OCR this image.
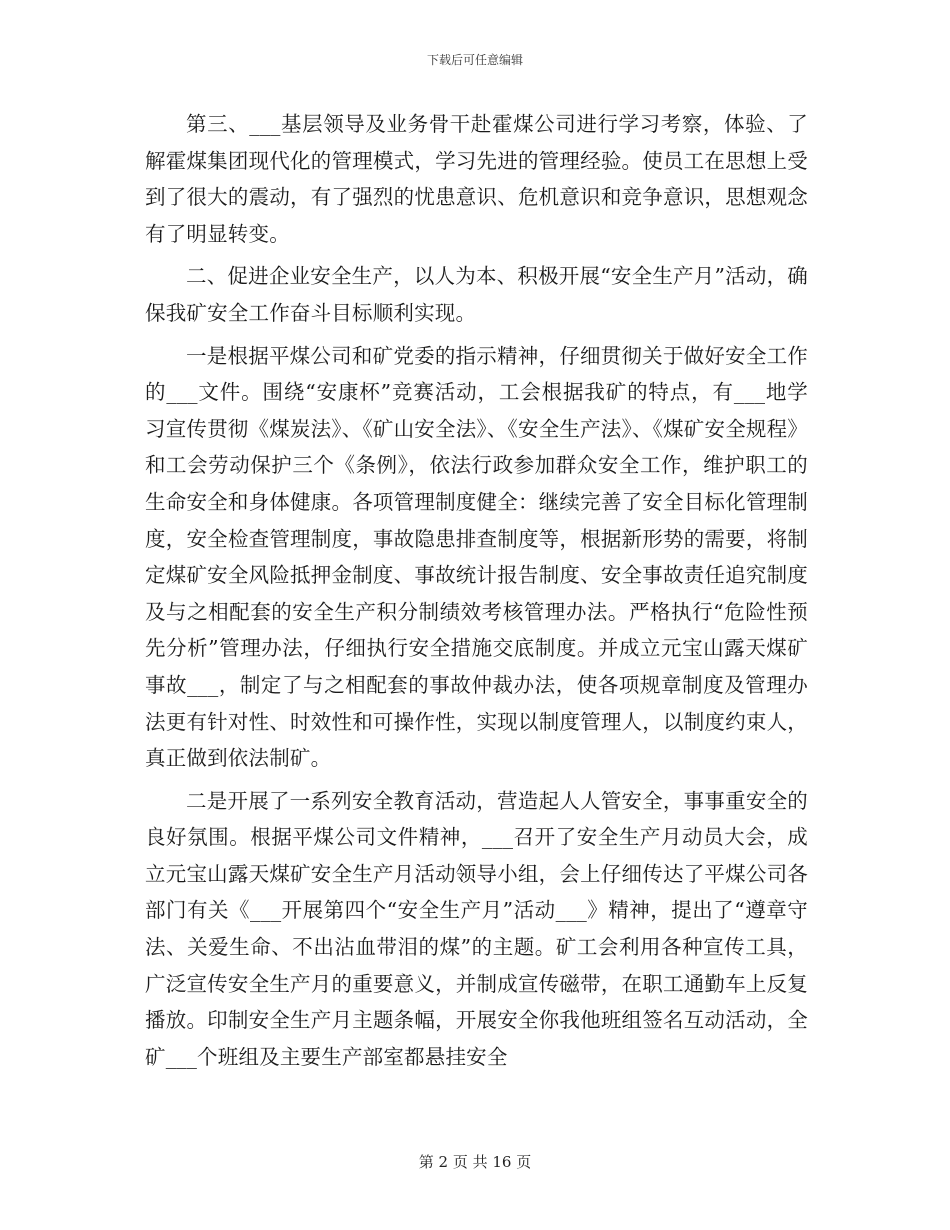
下载后可任意编辑

第三、___基层领导及业务骨干赴霍煤公司进行学习考察，体验、了解霍煤集团现代化的管理模式，学习先进的管理经验。使员工在思想上受到了很大的震动，有了强烈的忧患意识、危机意识和竞争意识，思想观念有了明显转变。

二、促进企业安全生产，以人为本、积极开展“安全生产月”活动，确保我矿安全工作奋斗目标顺利实现。

一是根据平煤公司和矿党委的指示精神，仔细贯彻关于做好安全工作的___文件。围绕“安康杯”竞赛活动，工会根据我矿的特点，有___地学习宣传贯彻《煤炭法》、《矿山安全法》、《安全生产法》、《煤矿安全规程》和工会劳动保护三个《条例》，依法行政参加群众安全工作，维护职工的生命安全和身体健康。各项管理制度健全：继续完善了安全目标化管理制度，安全检查管理制度，事故隐患排查制度等，根据新形势的需要，将制定煤矿安全风险抵押金制度、事故统计报告制度、安全事故责任追究制度及与之相配套的安全生产积分制绩效考核管理办法。严格执行“危险性预先分析”管理办法，仔细执行安全措施交底制度。并成立元宝山露天煤矿事故___，制定了与之相配套的事故仲裁办法，使各项规章制度及管理办法更有针对性、时效性和可操作性，实现以制度管理人，以制度约束人，真正做到依法制矿。

二是开展了一系列安全教育活动，营造起人人管安全，事事重安全的良好氛围。根据平煤公司文件精神，___召开了安全生产月动员大会，成立元宝山露天煤矿安全生产月活动领导小组，会上仔细传达了平煤公司各部门有关《___开展第四个“安全生产月”活动___》精神，提出了“遵章守法、关爱生命、不出沾血带泪的煤”的主题。矿工会利用各种宣传工具，广泛宣传安全生产月的重要意义，并制成宣传磁带，在职工通勤车上反复播放。印制安全生产月主题条幅，开展安全你我他班组签名互动活动，全矿___个班组及主要生产部室都悬挂安全

第 2 页 共 16 页
